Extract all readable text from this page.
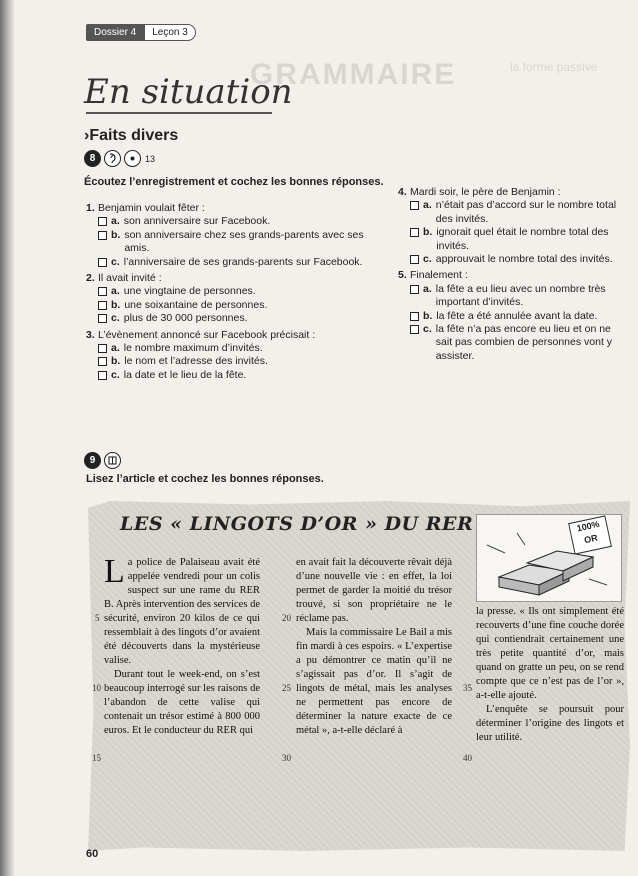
GRAMMAIRE	la forme passive
Dossier 4	Leçon 3
En situation
›Faits divers
8	13
Écoutez l’enregistrement et cochez les bonnes réponses.
1. Benjamin voulait fêter :
a. son anniversaire sur Facebook.
b. son anniversaire chez ses grands-parents avec ses amis.
c. l’anniversaire de ses grands-parents sur Facebook.
2. Il avait invité :
a. une vingtaine de personnes.
b. une soixantaine de personnes.
c. plus de 30 000 personnes.
3. L’évènement annoncé sur Facebook précisait :
a. le nombre maximum d’invités.
b. le nom et l’adresse des invités.
c. la date et le lieu de la fête.
4. Mardi soir, le père de Benjamin :
a. n’était pas d’accord sur le nombre total des invités.
b. ignorait quel était le nombre total des invités.
c. approuvait le nombre total des invités.
5. Finalement :
a. la fête a eu lieu avec un nombre très important d’invités.
b. la fête a été annulée avant la date.
c. la fête n’a pas encore eu lieu et on ne sait pas combien de personnes vont y assister.
9
Lisez l’article et cochez les bonnes réponses.
LES « LINGOTS D’OR » DU RER	100% OR
L a police de Palaiseau avait été appelée vendredi pour un colis suspect sur une rame du RER B. Après intervention des services de sécurité, environ 20 kilos de ce qui ressemblait à des lingots d’or avaient été découverts dans la mystérieuse valise.

Durant tout le week-end, on s’est beaucoup interrogé sur les raisons de l’abandon de cette valise qui contenait un trésor estimé à 800 000 euros. Et le conducteur du RER qui

en avait fait la découverte rêvait déjà d’une nouvelle vie : en effet, la loi permet de garder la moitié du trésor trouvé, si son propriétaire ne le réclame pas.

Mais la commissaire Le Bail a mis fin mardi à ces espoirs. « L’expertise a pu démontrer ce matin qu’il ne s’agissait pas d’or. Il s’agit de lingots de métal, mais les analyses ne permettent pas encore de déterminer la nature exacte de ce métal », a-t-elle déclaré à

la presse. « Ils ont simplement été recouverts d’une fine couche dorée qui contiendrait certainement une très petite quantité d’or, mais quand on gratte un peu, on se rend compte que ce n’est pas de l’or », a-t-elle ajouté.

L’enquête se poursuit pour déterminer l’origine des lingots et leur utilité.

5
10
15
20
25
30
35
40
60
